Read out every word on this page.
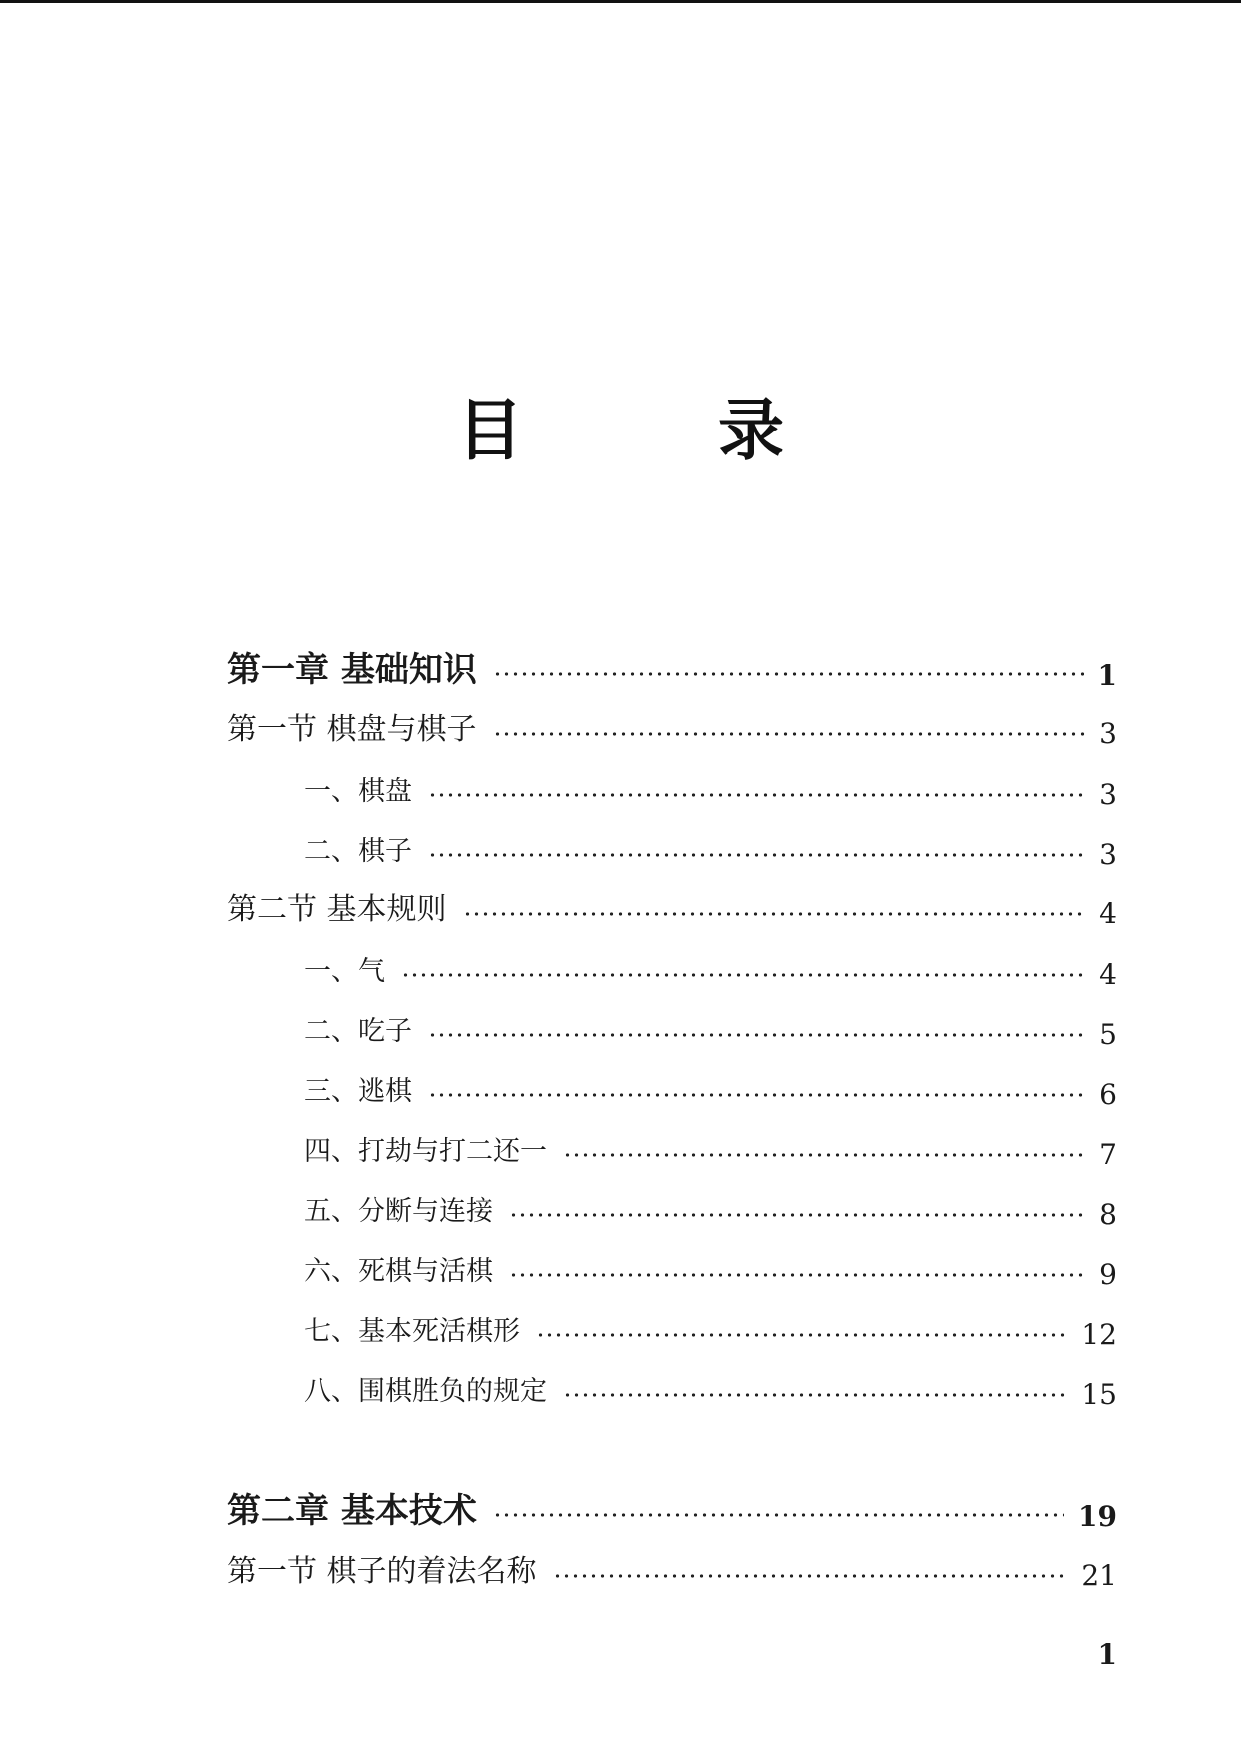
目 录
第一章 基础知识	1
第一节 棋盘与棋子	3
一、棋盘	3
二、棋子	3
第二节 基本规则	4
一、气	4
二、吃子	5
三、逃棋	6
四、打劫与打二还一	7
五、分断与连接	8
六、死棋与活棋	9
七、基本死活棋形	12
八、围棋胜负的规定	15
第二章 基本技术	19
第一节 棋子的着法名称	21
1
